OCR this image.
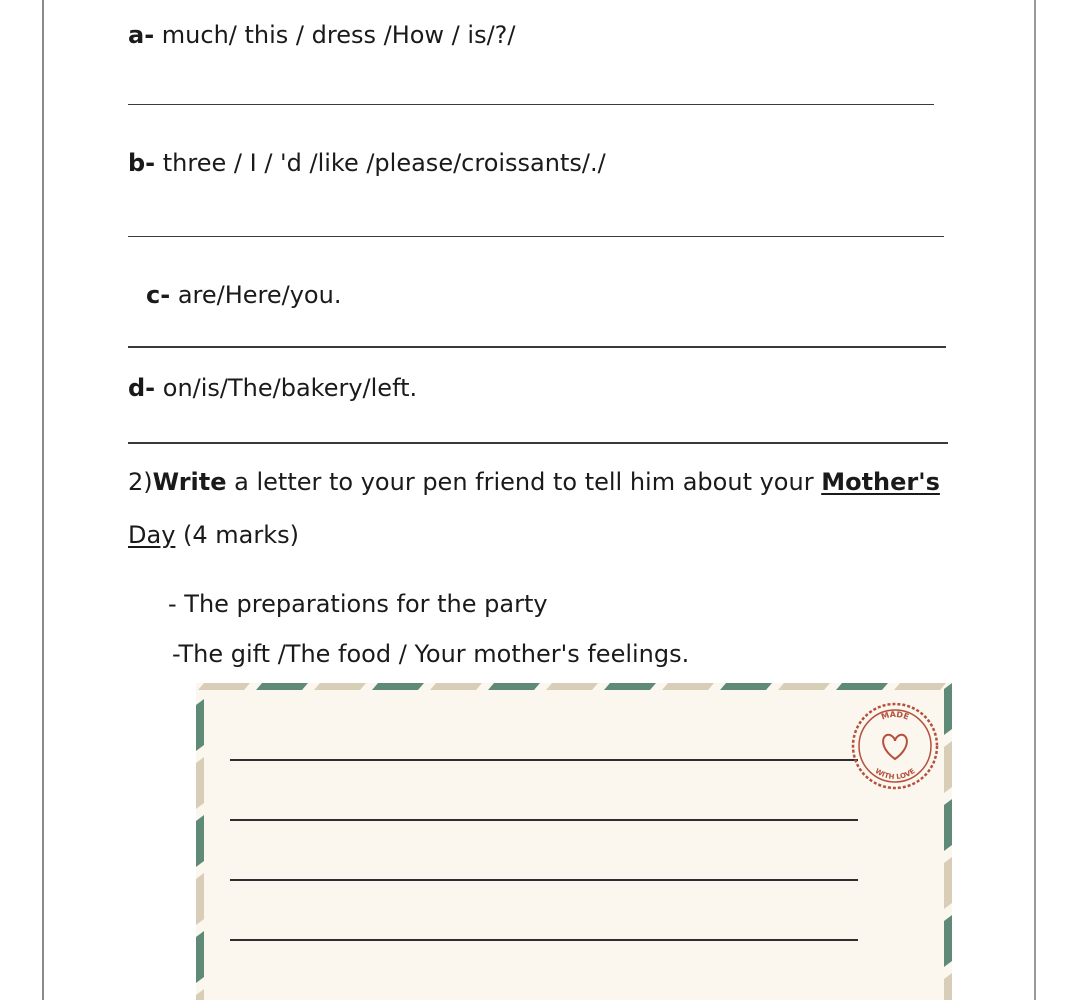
a- much/ this / dress /How / is/?/
b- three / I / 'd /like /please/croissants/./
c- are/Here/you.
d- on/is/The/bakery/left.
2)Write a letter to your pen friend to tell him about your Mother's
Day (4 marks)
- The preparations for the party
-The gift /The food / Your mother's feelings.
MADE
WITH LOVE
